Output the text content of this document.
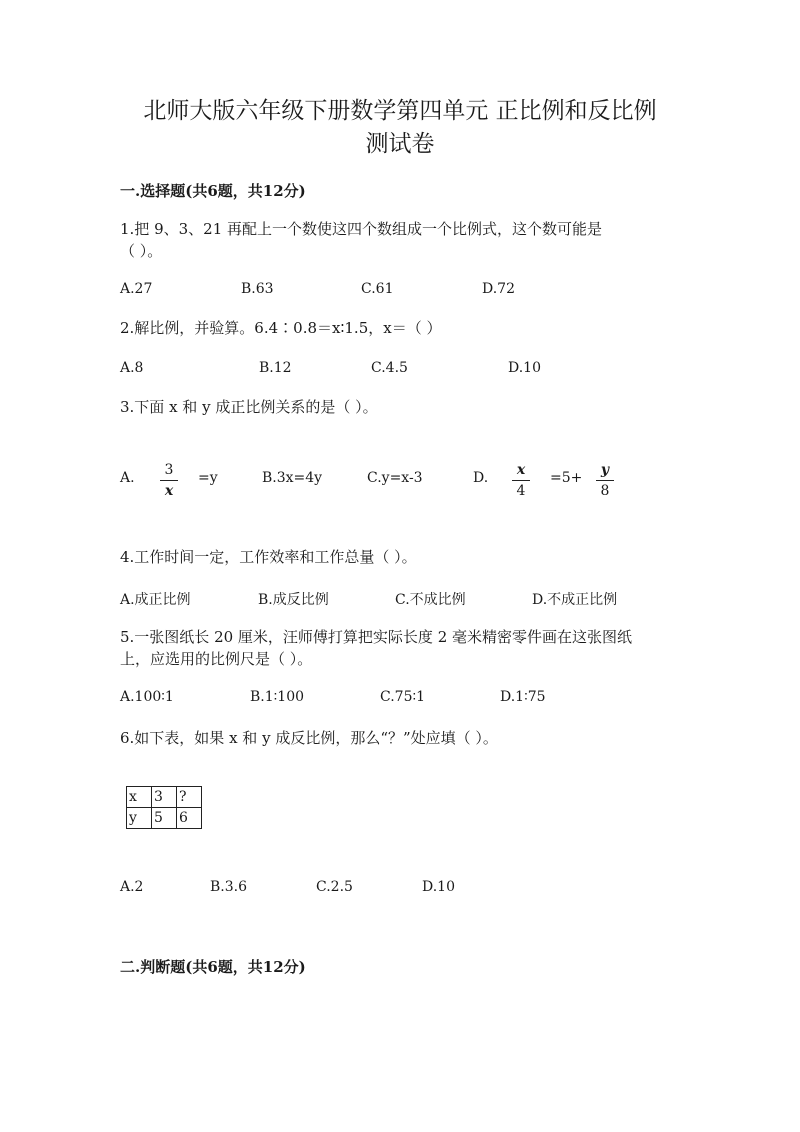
北师大版六年级下册数学第四单元 正比例和反比例
测试卷
一.选择题(共6题，共12分)
1.把 9、3、21 再配上一个数使这四个数组成一个比例式，这个数可能是
（ ）。
A.27	B.63	C.61	D.72
2.解比例，并验算。6.4∶0.8＝x∶1.5，x＝（ ）
A.8	B.12	C.4.5	D.10
3.下面 x 和 y 成正比例关系的是（ ）。
A. $\frac{3}{x} =y$	B.3x=4y	C.y=x-3	D. $\frac{x}{4} =5+ \frac{y}{8}$
4.工作时间一定，工作效率和工作总量（ ）。
A.成正比例	B.成反比例	C.不成比例	D.不成正比例
5.一张图纸长 20 厘米，汪师傅打算把实际长度 2 毫米精密零件画在这张图纸
上，应选用的比例尺是（ ）。
A.100∶1	B.1∶100	C.75∶1	D.1∶75
6.如下表，如果 x 和 y 成反比例，那么“？”处应填（ ）。
x	3	?
y	5	6
A.2	B.3.6	C.2.5	D.10
二.判断题(共6题，共12分)
